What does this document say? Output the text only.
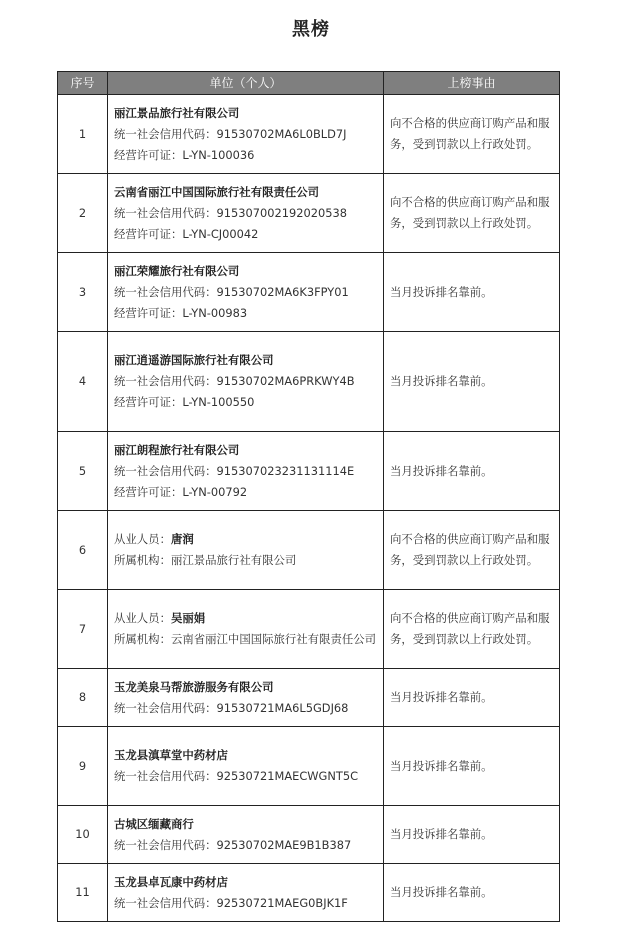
黑榜
序号	单位（个人）	上榜事由
1	丽江景品旅行社有限公司
统一社会信用代码：91530702MA6L0BLD7J
经营许可证：L-YN-100036	向不合格的供应商订购产品和服务，受到罚款以上行政处罚。

2	云南省丽江中国国际旅行社有限责任公司
统一社会信用代码：915307002192020538
经营许可证：L-YN-CJ00042	向不合格的供应商订购产品和服务，受到罚款以上行政处罚。

3	丽江荣耀旅行社有限公司
统一社会信用代码：91530702MA6K3FPY01
经营许可证：L-YN-00983	当月投诉排名靠前。

4	丽江逍遥游国际旅行社有限公司
统一社会信用代码：91530702MA6PRKWY4B
经营许可证：L-YN-100550	当月投诉排名靠前。

5	丽江朗程旅行社有限公司
统一社会信用代码：915307023231131114E
经营许可证：L-YN-00792	当月投诉排名靠前。

6	从业人员：唐润
所属机构：丽江景品旅行社有限公司	向不合格的供应商订购产品和服务，受到罚款以上行政处罚。

7	从业人员：吴丽娟
所属机构：云南省丽江中国国际旅行社有限责任公司	向不合格的供应商订购产品和服务，受到罚款以上行政处罚。

8	玉龙美泉马帮旅游服务有限公司
统一社会信用代码：91530721MA6L5GDJ68	当月投诉排名靠前。

9	玉龙县滇草堂中药材店
统一社会信用代码：92530721MAECWGNT5C	当月投诉排名靠前。

10	古城区缅藏商行
统一社会信用代码：92530702MAE9B1B387	当月投诉排名靠前。

11	玉龙县卓瓦康中药材店
统一社会信用代码：92530721MAEG0BJK1F	当月投诉排名靠前。
